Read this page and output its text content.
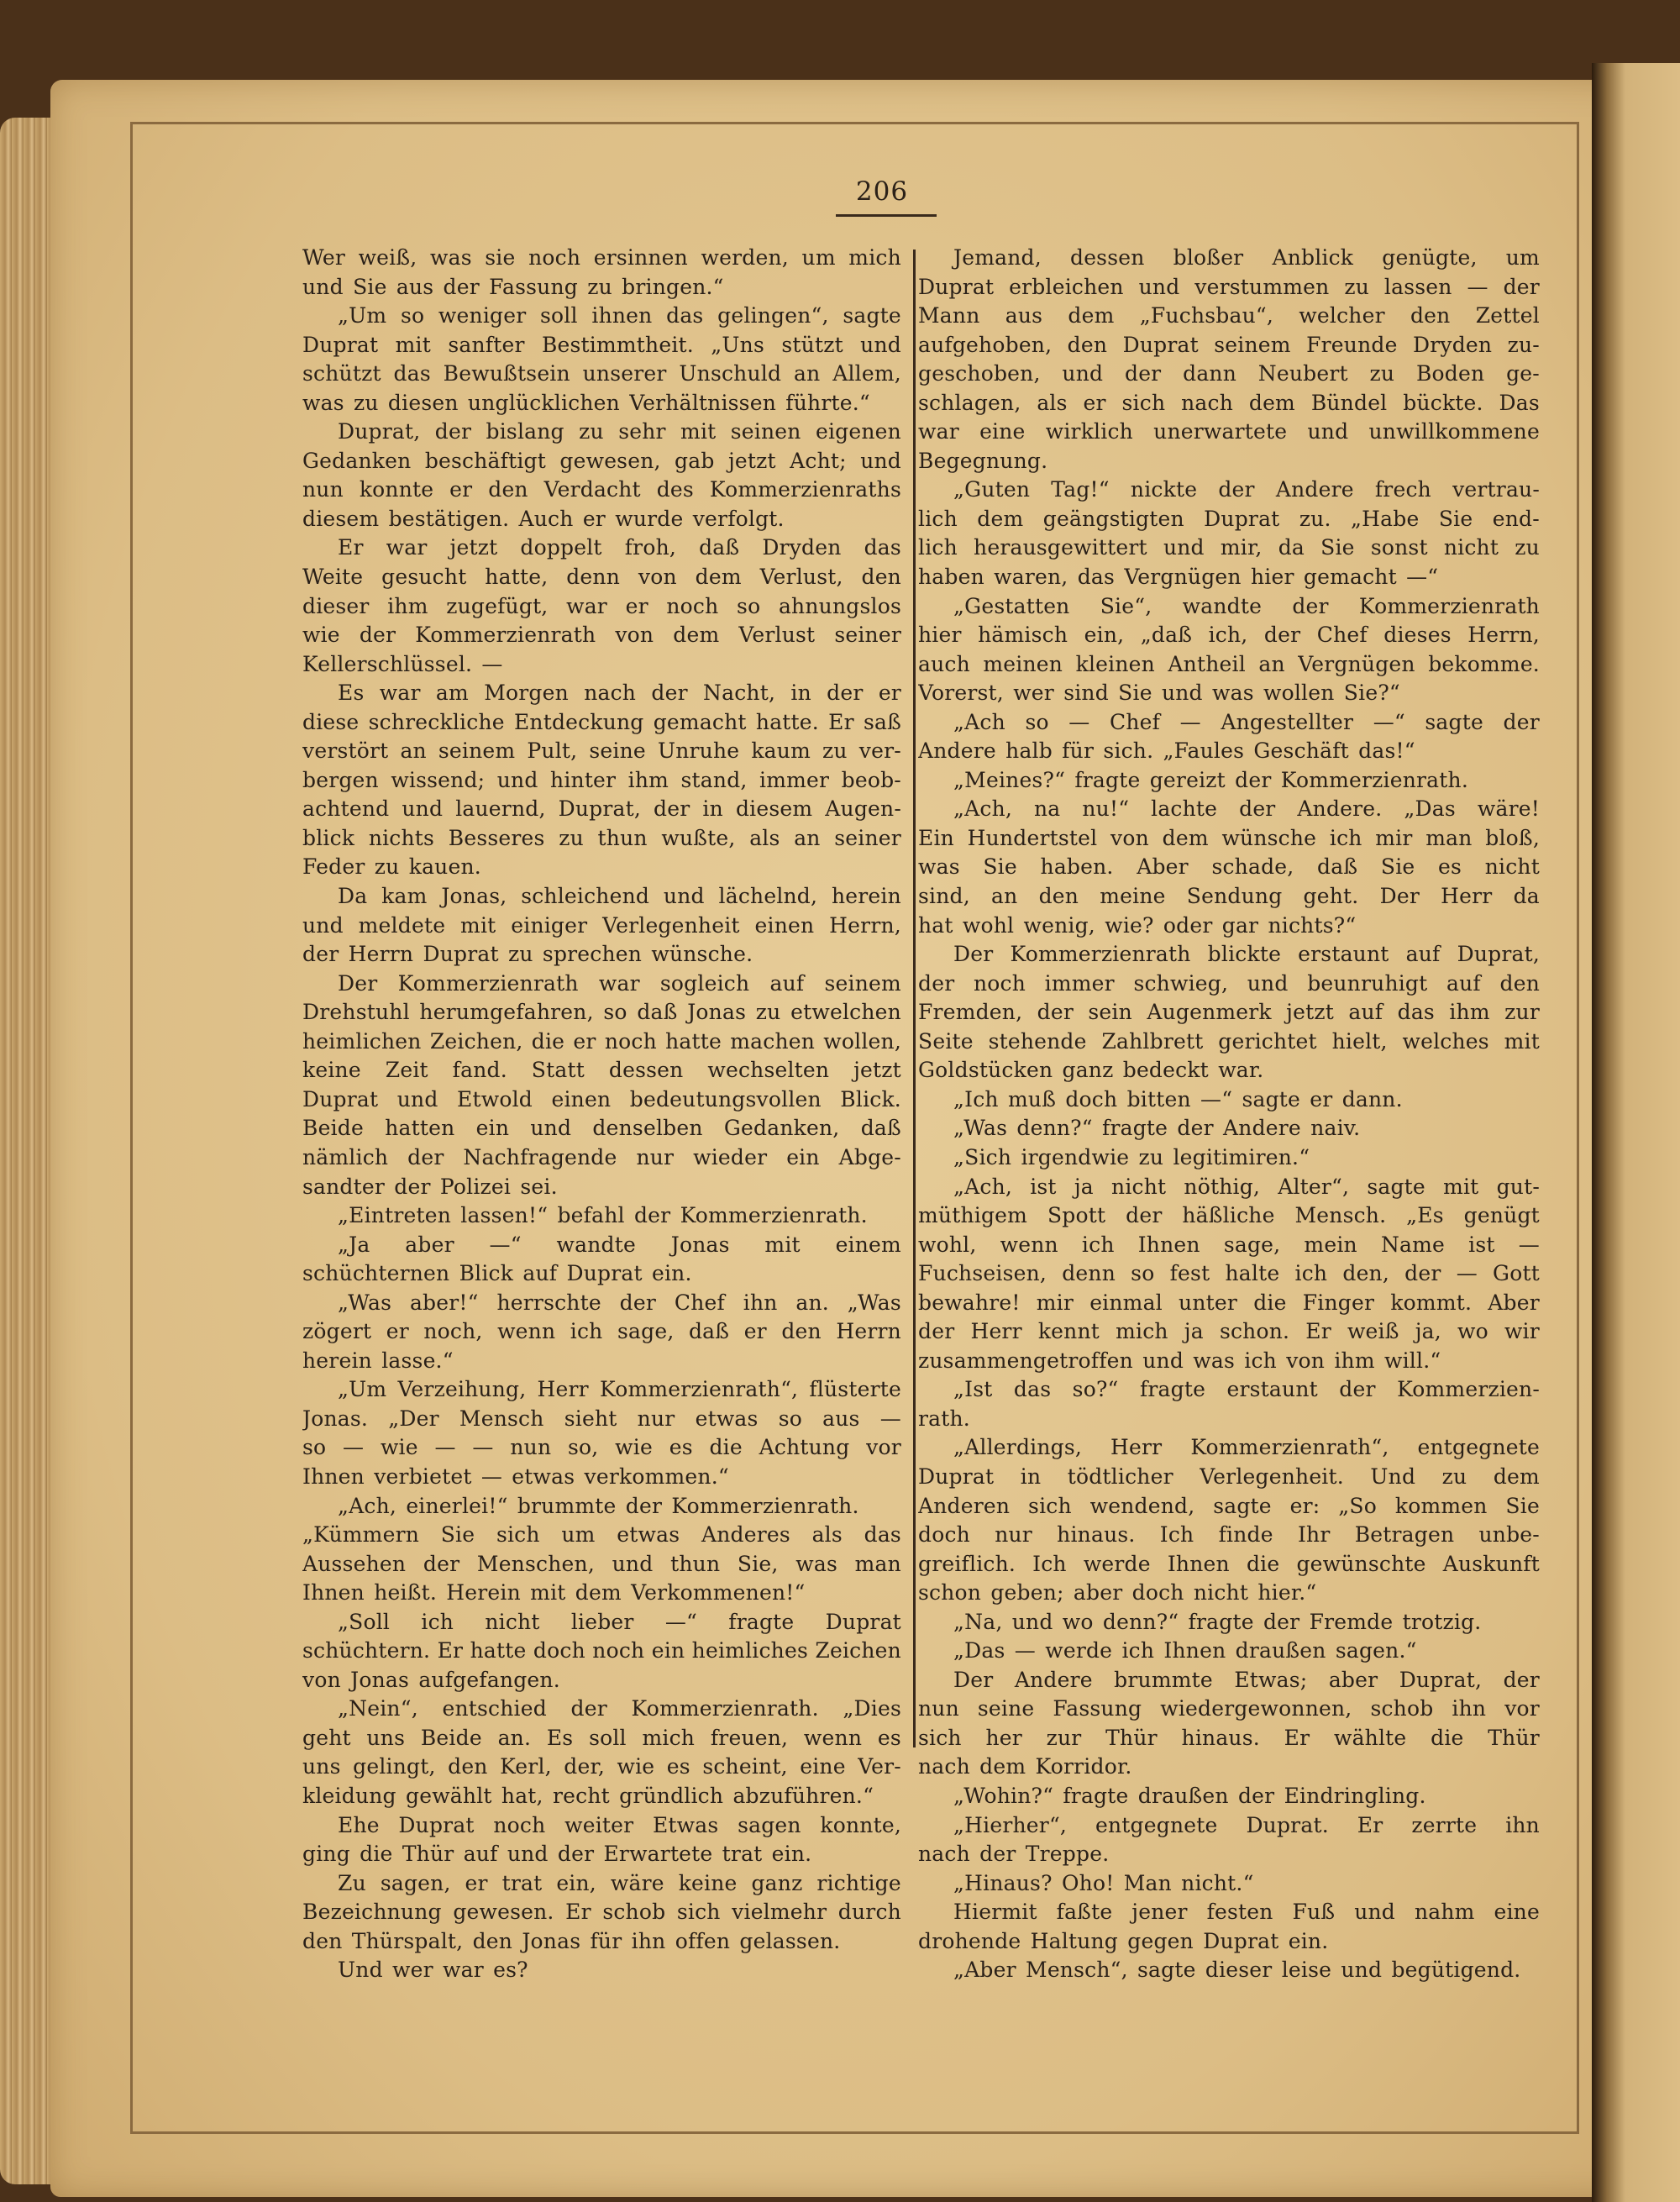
206
Wer weiß, was sie noch ersinnen werden, um mich
und Sie aus der Fassung zu bringen.“
„Um so weniger soll ihnen das gelingen“, sagte
Duprat mit sanfter Bestimmtheit. „Uns stützt und
schützt das Bewußtsein unserer Unschuld an Allem,
was zu diesen unglücklichen Verhältnissen führte.“
Duprat, der bislang zu sehr mit seinen eigenen
Gedanken beschäftigt gewesen, gab jetzt Acht; und
nun konnte er den Verdacht des Kommerzienraths
diesem bestätigen. Auch er wurde verfolgt.
Er war jetzt doppelt froh, daß Dryden das
Weite gesucht hatte, denn von dem Verlust, den
dieser ihm zugefügt, war er noch so ahnungslos
wie der Kommerzienrath von dem Verlust seiner
Kellerschlüssel. —
Es war am Morgen nach der Nacht, in der er
diese schreckliche Entdeckung gemacht hatte. Er saß
verstört an seinem Pult, seine Unruhe kaum zu ver-
bergen wissend; und hinter ihm stand, immer beob-
achtend und lauernd, Duprat, der in diesem Augen-
blick nichts Besseres zu thun wußte, als an seiner
Feder zu kauen.
Da kam Jonas, schleichend und lächelnd, herein
und meldete mit einiger Verlegenheit einen Herrn,
der Herrn Duprat zu sprechen wünsche.
Der Kommerzienrath war sogleich auf seinem
Drehstuhl herumgefahren, so daß Jonas zu etwelchen
heimlichen Zeichen, die er noch hatte machen wollen,
keine Zeit fand. Statt dessen wechselten jetzt
Duprat und Etwold einen bedeutungsvollen Blick.
Beide hatten ein und denselben Gedanken, daß
nämlich der Nachfragende nur wieder ein Abge-
sandter der Polizei sei.
„Eintreten lassen!“ befahl der Kommerzienrath.
„Ja aber —“ wandte Jonas mit einem
schüchternen Blick auf Duprat ein.
„Was aber!“ herrschte der Chef ihn an. „Was
zögert er noch, wenn ich sage, daß er den Herrn
herein lasse.“
„Um Verzeihung, Herr Kommerzienrath“, flüsterte
Jonas. „Der Mensch sieht nur etwas so aus —
so — wie — — nun so, wie es die Achtung vor
Ihnen verbietet — etwas verkommen.“
„Ach, einerlei!“ brummte der Kommerzienrath.
„Kümmern Sie sich um etwas Anderes als das
Aussehen der Menschen, und thun Sie, was man
Ihnen heißt. Herein mit dem Verkommenen!“
„Soll ich nicht lieber —“ fragte Duprat
schüchtern. Er hatte doch noch ein heimliches Zeichen
von Jonas aufgefangen.
„Nein“, entschied der Kommerzienrath. „Dies
geht uns Beide an. Es soll mich freuen, wenn es
uns gelingt, den Kerl, der, wie es scheint, eine Ver-
kleidung gewählt hat, recht gründlich abzuführen.“
Ehe Duprat noch weiter Etwas sagen konnte,
ging die Thür auf und der Erwartete trat ein.
Zu sagen, er trat ein, wäre keine ganz richtige
Bezeichnung gewesen. Er schob sich vielmehr durch
den Thürspalt, den Jonas für ihn offen gelassen.
Und wer war es?
Jemand, dessen bloßer Anblick genügte, um
Duprat erbleichen und verstummen zu lassen — der
Mann aus dem „Fuchsbau“, welcher den Zettel
aufgehoben, den Duprat seinem Freunde Dryden zu-
geschoben, und der dann Neubert zu Boden ge-
schlagen, als er sich nach dem Bündel bückte. Das
war eine wirklich unerwartete und unwillkommene
Begegnung.
„Guten Tag!“ nickte der Andere frech vertrau-
lich dem geängstigten Duprat zu. „Habe Sie end-
lich herausgewittert und mir, da Sie sonst nicht zu
haben waren, das Vergnügen hier gemacht —“
„Gestatten Sie“, wandte der Kommerzienrath
hier hämisch ein, „daß ich, der Chef dieses Herrn,
auch meinen kleinen Antheil an Vergnügen bekomme.
Vorerst, wer sind Sie und was wollen Sie?“
„Ach so — Chef — Angestellter —“ sagte der
Andere halb für sich. „Faules Geschäft das!“
„Meines?“ fragte gereizt der Kommerzienrath.
„Ach, na nu!“ lachte der Andere. „Das wäre!
Ein Hundertstel von dem wünsche ich mir man bloß,
was Sie haben. Aber schade, daß Sie es nicht
sind, an den meine Sendung geht. Der Herr da
hat wohl wenig, wie? oder gar nichts?“
Der Kommerzienrath blickte erstaunt auf Duprat,
der noch immer schwieg, und beunruhigt auf den
Fremden, der sein Augenmerk jetzt auf das ihm zur
Seite stehende Zahlbrett gerichtet hielt, welches mit
Goldstücken ganz bedeckt war.
„Ich muß doch bitten —“ sagte er dann.
„Was denn?“ fragte der Andere naiv.
„Sich irgendwie zu legitimiren.“
„Ach, ist ja nicht nöthig, Alter“, sagte mit gut-
müthigem Spott der häßliche Mensch. „Es genügt
wohl, wenn ich Ihnen sage, mein Name ist —
Fuchseisen, denn so fest halte ich den, der — Gott
bewahre! mir einmal unter die Finger kommt. Aber
der Herr kennt mich ja schon. Er weiß ja, wo wir
zusammengetroffen und was ich von ihm will.“
„Ist das so?“ fragte erstaunt der Kommerzien-
rath.
„Allerdings, Herr Kommerzienrath“, entgegnete
Duprat in tödtlicher Verlegenheit. Und zu dem
Anderen sich wendend, sagte er: „So kommen Sie
doch nur hinaus. Ich finde Ihr Betragen unbe-
greiflich. Ich werde Ihnen die gewünschte Auskunft
schon geben; aber doch nicht hier.“
„Na, und wo denn?“ fragte der Fremde trotzig.
„Das — werde ich Ihnen draußen sagen.“
Der Andere brummte Etwas; aber Duprat, der
nun seine Fassung wiedergewonnen, schob ihn vor
sich her zur Thür hinaus. Er wählte die Thür
nach dem Korridor.
„Wohin?“ fragte draußen der Eindringling.
„Hierher“, entgegnete Duprat. Er zerrte ihn
nach der Treppe.
„Hinaus? Oho! Man nicht.“
Hiermit faßte jener festen Fuß und nahm eine
drohende Haltung gegen Duprat ein.
„Aber Mensch“, sagte dieser leise und begütigend.
